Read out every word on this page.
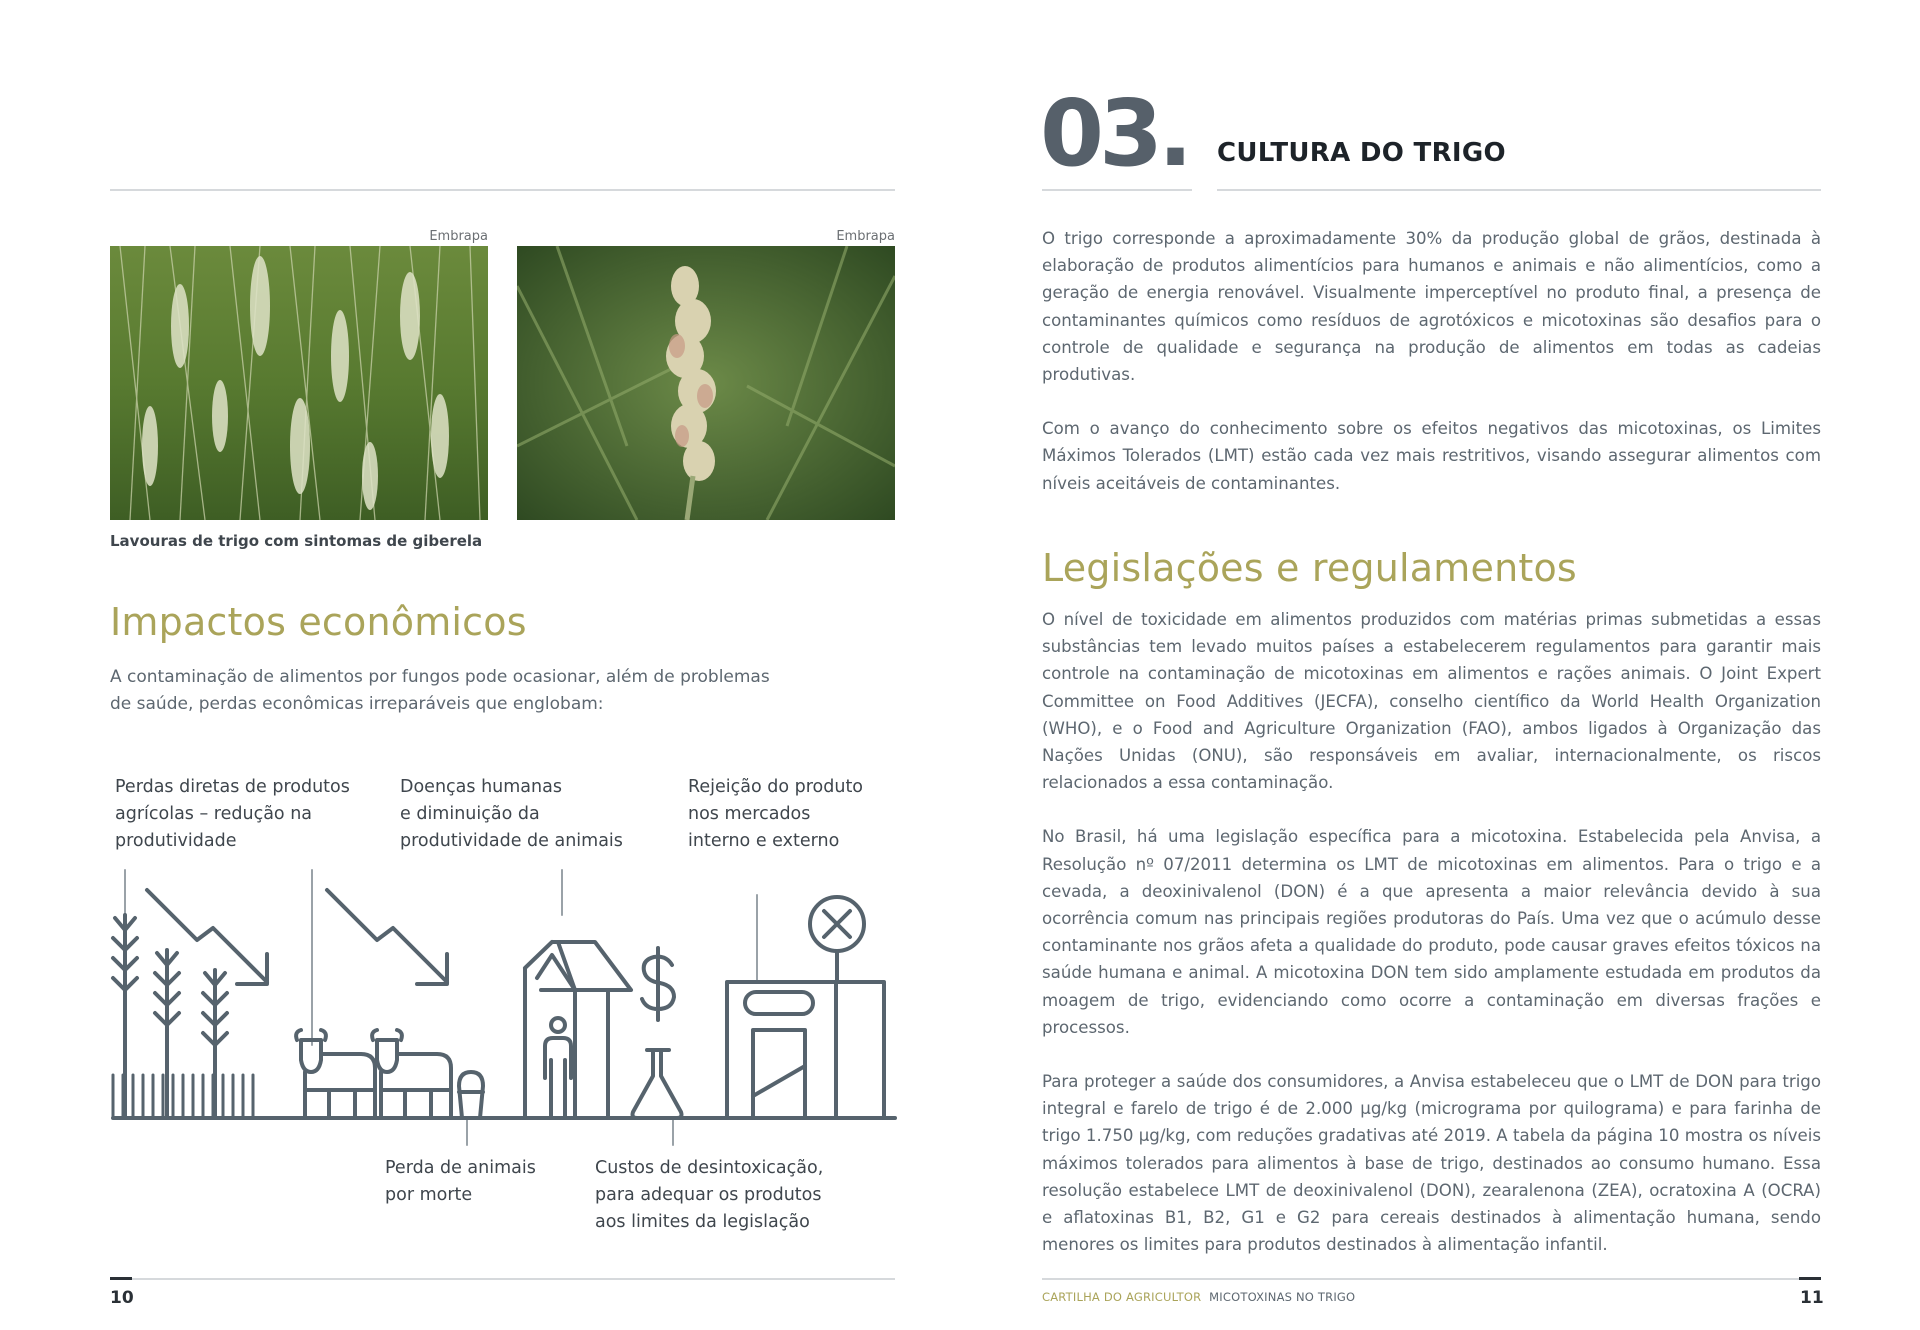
Embrapa	Embrapa
Lavouras de trigo com sintomas de giberela
Impactos econômicos
A contaminação de alimentos por fungos pode ocasionar, além de problemas
de saúde, perdas econômicas irreparáveis que englobam:
Perdas diretas de produtos
agrícolas – redução na
produtividade
Doenças humanas
e diminuição da
produtividade de animais
Rejeição do produto
nos mercados
interno e externo
Perda de animais
por morte
Custos de desintoxicação,
para adequar os produtos
aos limites da legislação
10
03. CULTURA DO TRIGO

O trigo corresponde a aproximadamente 30% da produção global de grãos, destinada à elaboração de produtos alimentícios para humanos e animais e não alimentícios, como a geração de energia renovável. Visualmente imperceptível no produto final, a presença de contaminantes químicos como resíduos de agrotóxicos e micotoxinas são desafios para o controle de qualidade e segurança na produção de alimentos em todas as cadeias produtivas.

Com o avanço do conhecimento sobre os efeitos negativos das micotoxinas, os Limites Máximos Tolerados (LMT) estão cada vez mais restritivos, visando assegurar alimentos com níveis aceitáveis de contaminantes.

Legislações e regulamentos

O nível de toxicidade em alimentos produzidos com matérias primas submetidas a essas substâncias tem levado muitos países a estabelecerem regulamentos para garantir mais controle na contaminação de micotoxinas em alimentos e rações animais. O Joint Expert Committee on Food Additives (JECFA), conselho científico da World Health Organization (WHO), e o Food and Agriculture Organization (FAO), ambos ligados à Organização das Nações Unidas (ONU), são responsáveis em avaliar, internacionalmente, os riscos relacionados a essa contaminação.

No Brasil, há uma legislação específica para a micotoxina. Estabelecida pela Anvisa, a Resolução nº 07/2011 determina os LMT de micotoxinas em alimentos. Para o trigo e a cevada, a deoxinivalenol (DON) é a que apresenta a maior relevância devido à sua ocorrência comum nas principais regiões produtoras do País. Uma vez que o acúmulo desse contaminante nos grãos afeta a qualidade do produto, pode causar graves efeitos tóxicos na saúde humana e animal. A micotoxina DON tem sido amplamente estudada em produtos da moagem de trigo, evidenciando como ocorre a contaminação em diversas frações e processos.

Para proteger a saúde dos consumidores, a Anvisa estabeleceu que o LMT de DON para trigo integral e farelo de trigo é de 2.000 µg/kg (micrograma por quilograma) e para farinha de trigo 1.750 µg/kg, com reduções gradativas até 2019. A tabela da página 10 mostra os níveis máximos tolerados para alimentos à base de trigo, destinados ao consumo humano. Essa resolução estabelece LMT de deoxinivalenol (DON), zearalenona (ZEA), ocratoxina A (OCRA) e aflatoxinas B1, B2, G1 e G2 para cereais destinados à alimentação humana, sendo menores os limites para produtos destinados à alimentação infantil.

CARTILHA DO AGRICULTOR MICOTOXINAS NO TRIGO	11
